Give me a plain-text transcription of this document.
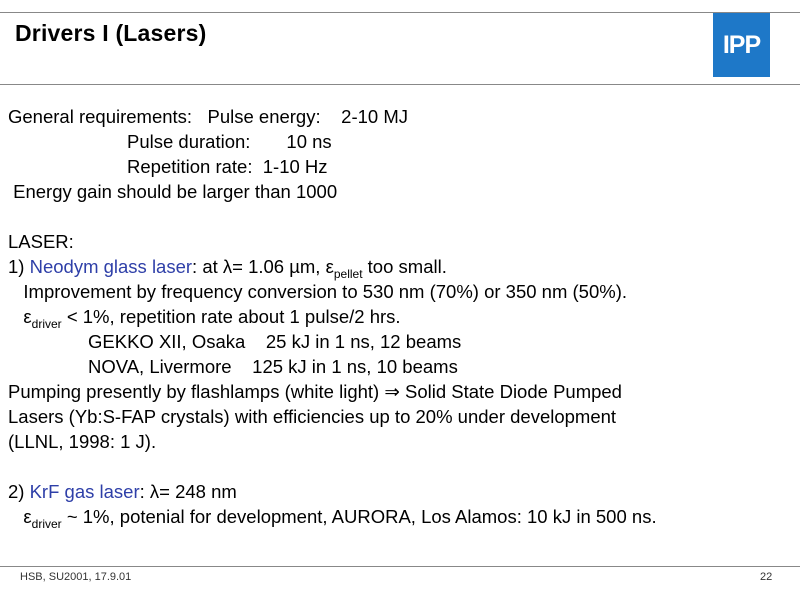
Drivers I (Lasers)	IPP
General requirements: Pulse energy: 2-10 MJ
Pulse duration: 10 ns
Repetition rate: 1-10 Hz
Energy gain should be larger than 1000
LASER:
1) Neodym glass laser: at λ= 1.06 µm, $\varepsilon_{pellet}$ too small.
Improvement by frequency conversion to 530 nm (70%) or 350 nm (50%).
$\varepsilon_{driver} < 1\%$, repetition rate about 1 pulse/2 hrs.
GEKKO XII, Osaka 25 kJ in 1 ns, 12 beams
NOVA, Livermore 125 kJ in 1 ns, 10 beams
Pumping presently by flashlamps (white light) ⇒ Solid State Diode Pumped
Lasers (Yb:S-FAP crystals) with efficiencies up to 20% under development
(LLNL, 1998: 1 J).
2) KrF gas laser: λ= 248 nm
$\varepsilon_{driver}$ ~ 1%, potenial for development, AURORA, Los Alamos: 10 kJ in 500 ns.
HSB, SU2001, 17.9.01	22
